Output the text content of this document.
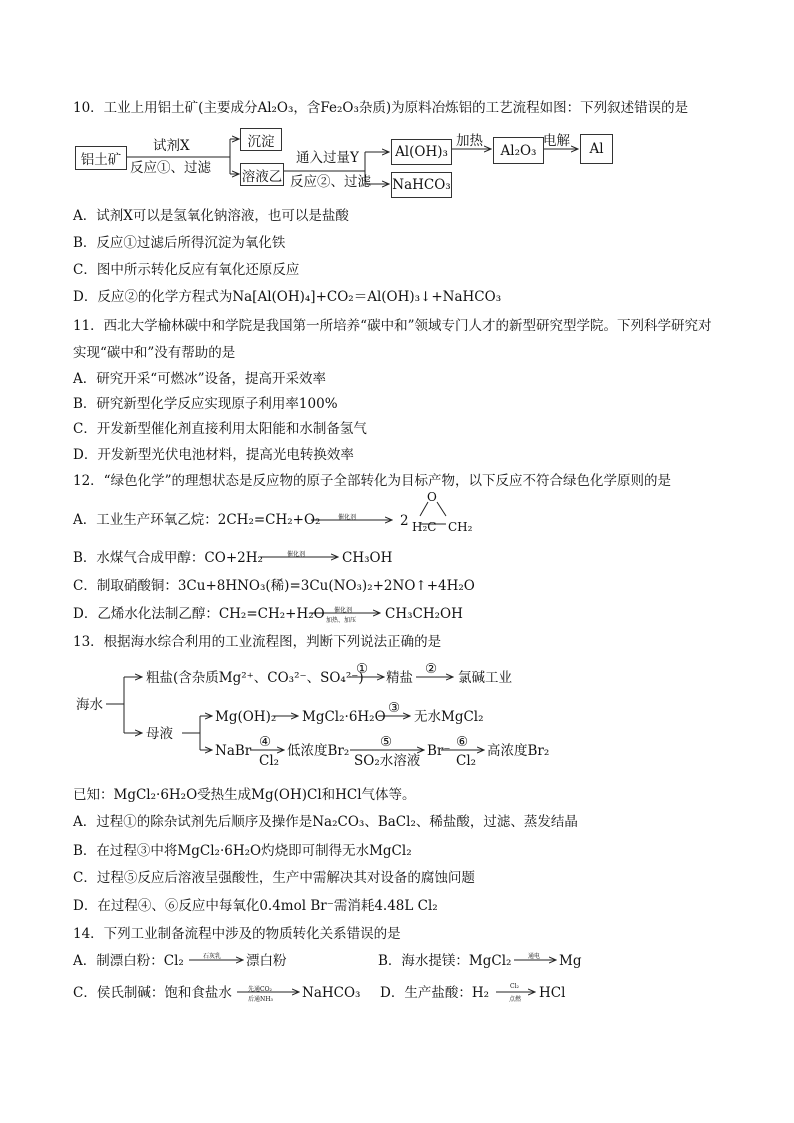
10．工业上用铝土矿(主要成分Al₂O₃，含Fe₂O₃杂质)为原料冶炼铝的工艺流程如图：下列叙述错误的是
铝土矿
试剂X
反应①、过滤
沉淀
溶液乙
通入过量Y
反应②、过滤
Al(OH)₃
NaHCO₃
加热
Al₂O₃
电解	Al
A．试剂X可以是氢氧化钠溶液，也可以是盐酸
B．反应①过滤后所得沉淀为氧化铁
C．图中所示转化反应有氧化还原反应
D．反应②的化学方程式为Na[Al(OH)₄]+CO₂＝Al(OH)₃↓+NaHCO₃
11．西北大学榆林碳中和学院是我国第一所培养“碳中和”领域专门人才的新型研究型学院。下列科学研究对
实现“碳中和”没有帮助的是
A．研究开采“可燃冰”设备，提高开采效率
B．研究新型化学反应实现原子利用率100%
C．开发新型催化剂直接利用太阳能和水制备氢气
D．开发新型光伏电池材料，提高光电转换效率
12．“绿色化学”的理想状态是反应物的原子全部转化为目标产物，以下反应不符合绿色化学原则的是
A．工业生产环氧乙烷：2CH₂=CH₂+O₂	催化剂	2
O
H₂C CH₂
B．水煤气合成甲醇：CO+2H₂	催化剂	CH₃OH
C．制取硝酸铜：3Cu+8HNO₃(稀)=3Cu(NO₃)₂+2NO↑+4H₂O
D．乙烯水化法制乙醇：CH₂=CH₂+H₂O 催化剂
加热、加压 CH₃CH₂OH
13．根据海水综合利用的工业流程图，判断下列说法正确的是
海水
粗盐(含杂质Mg²⁺、CO₃²⁻、SO₄²⁻)
①
精盐
②
氯碱工业
母液
Mg(OH)₂ MgCl₂·6H₂O
③
无水MgCl₂
NaBr
④
Cl₂
低浓度Br₂
⑤
SO₂水溶液
Br⁻
⑥
Cl₂
高浓度Br₂
已知：MgCl₂·6H₂O受热生成Mg(OH)Cl和HCl气体等。
A．过程①的除杂试剂先后顺序及操作是Na₂CO₃、BaCl₂、稀盐酸，过滤、蒸发结晶
B．在过程③中将MgCl₂·6H₂O灼烧即可制得无水MgCl₂
C．过程⑤反应后溶液呈强酸性，生产中需解决其对设备的腐蚀问题
D．在过程④、⑥反应中每氧化0.4mol Br⁻需消耗4.48L Cl₂
14．下列工业制备流程中涉及的物质转化关系错误的是
A．制漂白粉：Cl₂	石灰乳 漂白粉	B．海水提镁：MgCl₂	通电 Mg
C．侯氏制碱：饱和食盐水	先通CO₂
后通NH₃ NaHCO₃ D．生产盐酸：H₂	Cl₂
点燃 HCl
